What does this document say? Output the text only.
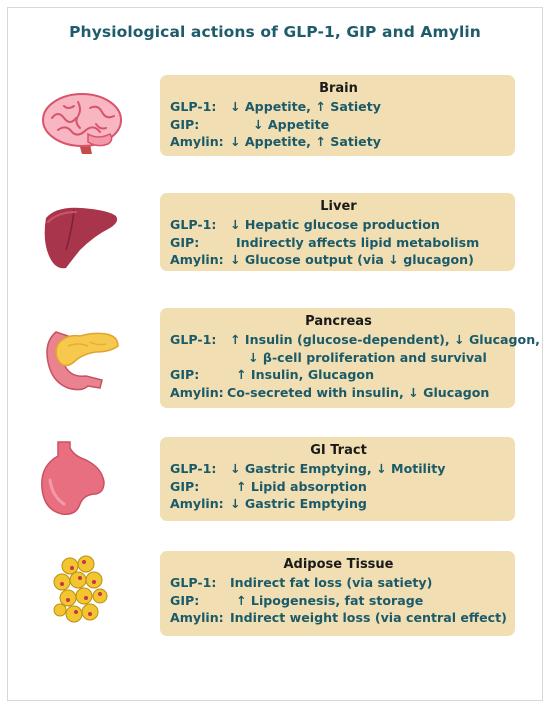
Physiological actions of GLP-1, GIP and Amylin
Brain
GLP-1:	↓ Appetite, ↑ Satiety
GIP:	↓ Appetite
Amylin: ↓ Appetite, ↑ Satiety
Liver
GLP-1:	↓ Hepatic glucose production
GIP:	Indirectly affects lipid metabolism
Amylin: ↓ Glucose output (via ↓ glucagon)
Pancreas
GLP-1:	↑ Insulin (glucose-dependent), ↓ Glucagon,
↓ β-cell proliferation and survival
GIP:	↑ Insulin, Glucagon
Amylin: Co-secreted with insulin, ↓ Glucagon
GI Tract
GLP-1:	↓ Gastric Emptying, ↓ Motility
GIP:	↑ Lipid absorption
Amylin: ↓ Gastric Emptying
Adipose Tissue
GLP-1:	Indirect fat loss (via satiety)
GIP:	↑ Lipogenesis, fat storage
Amylin: Indirect weight loss (via central effect)
